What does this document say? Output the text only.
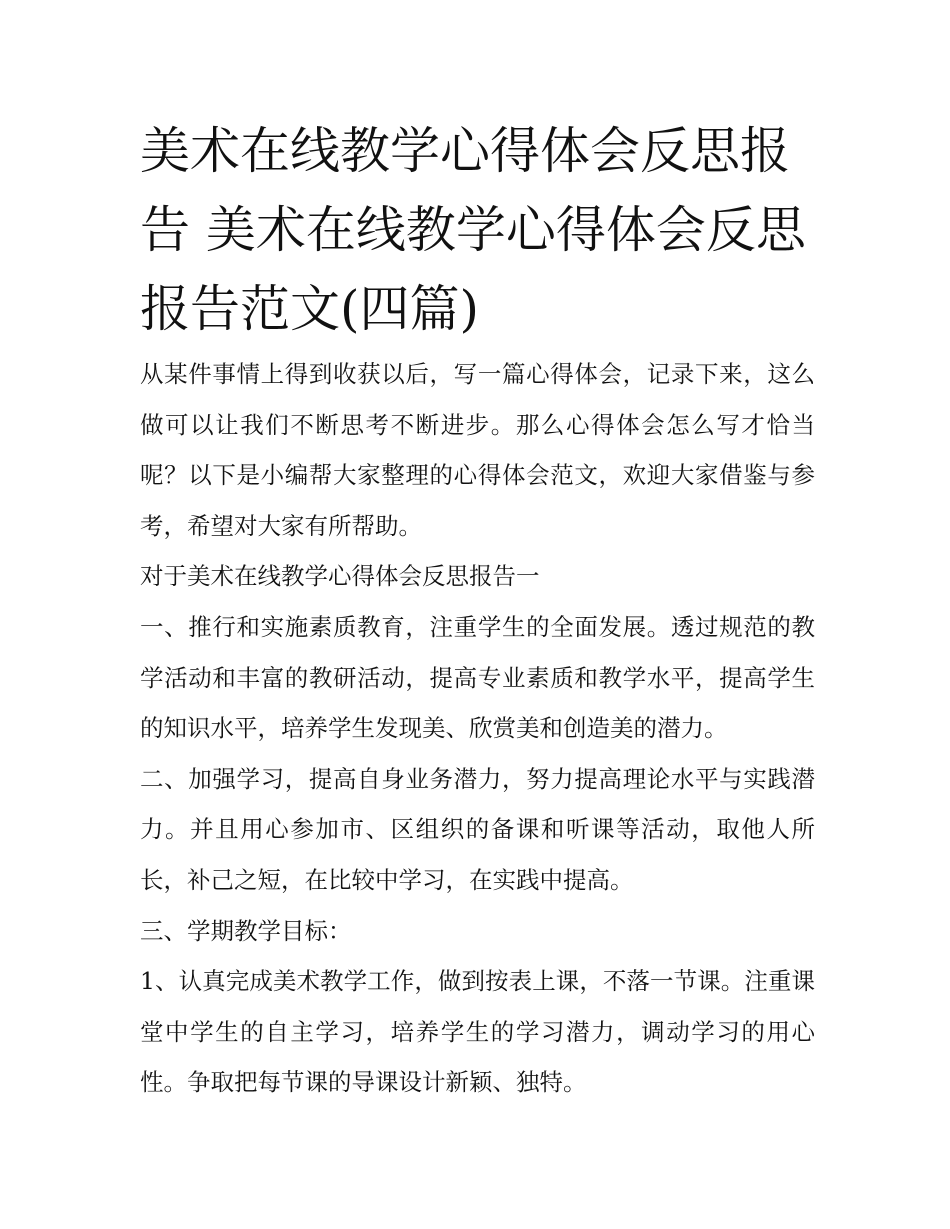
美术在线教学心得体会反思报告 美术在线教学心得体会反思报告范文(四篇)

从某件事情上得到收获以后，写一篇心得体会，记录下来，这么做可以让我们不断思考不断进步。那么心得体会怎么写才恰当呢？以下是小编帮大家整理的心得体会范文，欢迎大家借鉴与参考，希望对大家有所帮助。

对于美术在线教学心得体会反思报告一

一、推行和实施素质教育，注重学生的全面发展。透过规范的教学活动和丰富的教研活动，提高专业素质和教学水平，提高学生的知识水平，培养学生发现美、欣赏美和创造美的潜力。

二、加强学习，提高自身业务潜力，努力提高理论水平与实践潜力。并且用心参加市、区组织的备课和听课等活动，取他人所长，补己之短，在比较中学习，在实践中提高。

三、学期教学目标：

1、认真完成美术教学工作，做到按表上课，不落一节课。注重课堂中学生的自主学习，培养学生的学习潜力，调动学习的用心性。争取把每节课的导课设计新颖、独特。
